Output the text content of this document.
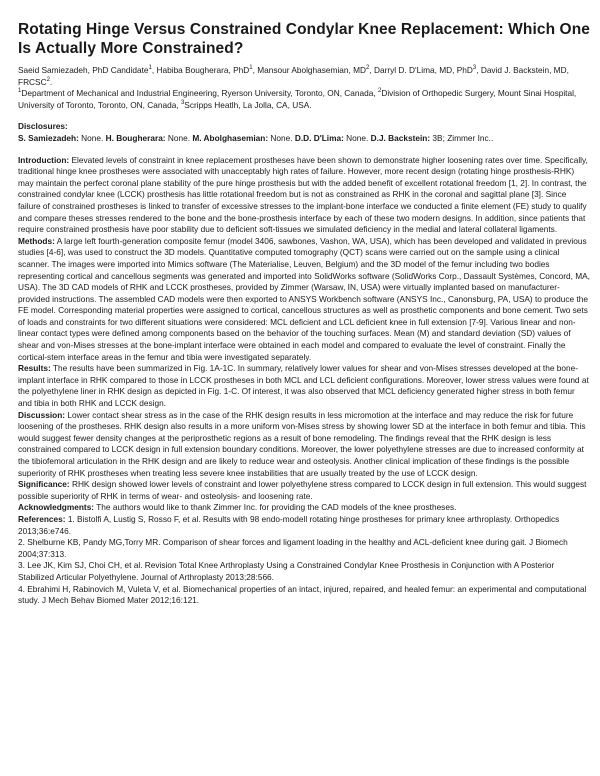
Rotating Hinge Versus Constrained Condylar Knee Replacement: Which One Is Actually More Constrained?

Saeid Samiezadeh, PhD Candidate$^1$, Habiba Bougherara, PhD$^1$, Mansour Abolghasemian, $MD^2$, Darryl D. D'Lima, MD, PhD$^3$, David J. Backstein, MD, FRCSC$^2$.

$^1$Department of Mechanical and Industrial Engineering, Ryerson University, Toronto, ON, Canada, $^2$Division of Orthopedic Surgery, Mount Sinai Hospital, University of Toronto, Toronto, ON, Canada, $^3$Scripps Heatlh, La Jolla, CA, USA.

Disclosures:

S. Samiezadeh: None. H. Bougherara: None. M. Abolghasemian: None. D.D. D'Lima: None. D.J. Backstein: 3B; Zimmer Inc..

Introduction: Elevated levels of constraint in knee replacement prostheses have been shown to demonstrate higher loosening rates over time. Specifically, traditional hinge knee prostheses were associated with unacceptably high rates of failure. However, more recent design (rotating hinge prosthesis-RHK) may maintain the perfect coronal plane stability of the pure hinge prosthesis but with the added benefit of excellent rotational freedom [1, 2]. In contrast, the constrained condylar knee (LCCK) prosthesis has little rotational freedom but is not as constrained as RHK in the coronal and sagittal plane [3]. Since failure of constrained prostheses is linked to transfer of excessive stresses to the implant-bone interface we conducted a finite element (FE) study to qualify and compare theses stresses rendered to the bone and the bone-prosthesis interface by each of these two modern designs. In addition, since patients that require constrained prosthesis have poor stability due to deficient soft-tissues we simulated deficiency in the medial and lateral collateral ligaments.

Methods: A large left fourth-generation composite femur (model 3406, sawbones, Vashon, WA, USA), which has been developed and validated in previous studies [4-6], was used to construct the 3D models. Quantitative computed tomography (QCT) scans were carried out on the sample using a clinical scanner. The images were imported into Mimics software (The Materialise, Leuven, Belgium) and the 3D model of the femur including two bodies representing cortical and cancellous segments was generated and imported into SolidWorks software (SolidWorks Corp., Dassault Systèmes, Concord, MA, USA). The 3D CAD models of RHK and LCCK prostheses, provided by Zimmer (Warsaw, IN, USA) were virtually implanted based on manufacturer-provided instructions. The assembled CAD models were then exported to ANSYS Workbench software (ANSYS Inc., Canonsburg, PA, USA) to produce the FE model. Corresponding material properties were assigned to cortical, cancellous structures as well as prosthetic components and bone cement. Two sets of loads and constraints for two different situations were considered: MCL deficient and LCL deficient knee in full extension [7-9]. Various linear and non-linear contact types were defined among components based on the behavior of the touching surfaces. Mean (M) and standard deviation (SD) values of shear and von-Mises stresses at the bone-implant interface were obtained in each model and compared to evaluate the level of constraint. Finally the cortical-stem interface areas in the femur and tibia were investigated separately.

Results: The results have been summarized in Fig. 1A-1C. In summary, relatively lower values for shear and von-Mises stresses developed at the bone-implant interface in RHK compared to those in LCCK prostheses in both MCL and LCL deficient configurations. Moreover, lower stress values were found at the polyethylene liner in RHK design as depicted in Fig. 1-C. Of interest, it was also observed that MCL deficiency generated higher stress in both femur and tibia in both RHK and LCCK design.

Discussion: Lower contact shear stress as in the case of the RHK design results in less micromotion at the interface and may reduce the risk for future loosening of the prostheses. RHK design also results in a more uniform von-Mises stress by showing lower SD at the interface in both femur and tibia. This would suggest fewer density changes at the periprosthetic regions as a result of bone remodeling. The findings reveal that the RHK design is less constrained compared to LCCK design in full extension boundary conditions. Moreover, the lower polyethylene stresses are due to increased conformity at the tibiofemoral articulation in the RHK design and are likely to reduce wear and osteolysis. Another clinical implication of these findings is the possible superiority of RHK prostheses when treating less severe knee instabilities that are usually treated by the use of LCCK design.

Significance: RHK design showed lower levels of constraint and lower polyethylene stress compared to LCCK design in full extension. This would suggest possible superiority of RHK in terms of wear- and osteolysis- and loosening rate.

Acknowledgments: The authors would like to thank Zimmer Inc. for providing the CAD models of the knee prostheses.

References: 1. Bistolfi A, Lustig S, Rosso F, et al. Results with 98 endo-modell rotating hinge prostheses for primary knee arthroplasty. Orthopedics 2013;36:e746.
2. Shelburne KB, Pandy MG,Torry MR. Comparison of shear forces and ligament loading in the healthy and ACL-deficient knee during gait. J Biomech 2004;37:313.
3. Lee JK, Kim SJ, Choi CH, et al. Revision Total Knee Arthroplasty Using a Constrained Condylar Knee Prosthesis in Conjunction with A Posterior Stabilized Articular Polyethylene. Journal of Arthroplasty 2013;28:566.
4. Ebrahimi H, Rabinovich M, Vuleta V, et al. Biomechanical properties of an intact, injured, repaired, and healed femur: an experimental and computational study. J Mech Behav Biomed Mater 2012;16:121.
